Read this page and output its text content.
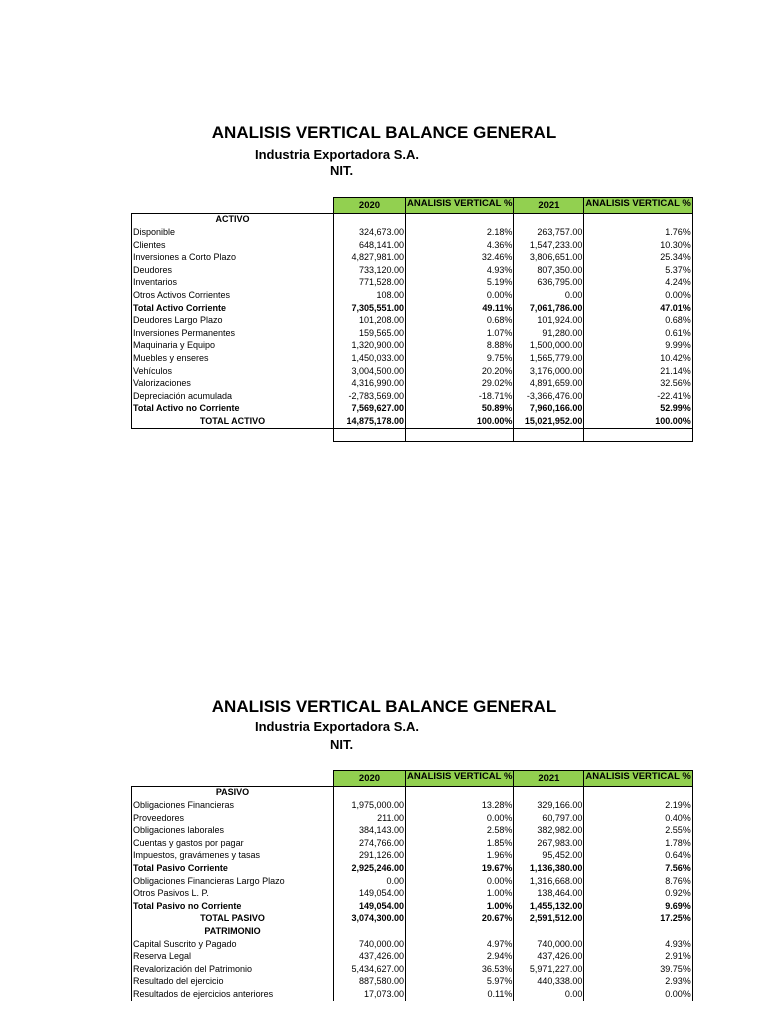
ANALISIS VERTICAL BALANCE GENERAL
Industria Exportadora S.A.
NIT.
	2020	ANALISIS VERTICAL %	2021	ANALISIS VERTICAL %
ACTIVO				
Disponible	324,673.00	2.18%	263,757.00	1.76%
Clientes	648,141.00	4.36%	1,547,233.00	10.30%
Inversiones a Corto Plazo	4,827,981.00	32.46%	3,806,651.00	25.34%
Deudores	733,120.00	4.93%	807,350.00	5.37%
Inventarios	771,528.00	5.19%	636,795.00	4.24%
Otros Activos Corrientes	108.00	0.00%	0.00	0.00%
Total Activo Corriente	7,305,551.00	49.11%	7,061,786.00	47.01%
Deudores Largo Plazo	101,208.00	0.68%	101,924.00	0.68%
Inversiones Permanentes	159,565.00	1.07%	91,280.00	0.61%
Maquinaria y Equipo	1,320,900.00	8.88%	1,500,000.00	9.99%
Muebles y enseres	1,450,033.00	9.75%	1,565,779.00	10.42%
Vehículos	3,004,500.00	20.20%	3,176,000.00	21.14%
Valorizaciones	4,316,990.00	29.02%	4,891,659.00	32.56%
Depreciación acumulada	-2,783,569.00	-18.71%	-3,366,476.00	-22.41%
Total Activo no Corriente	7,569,627.00	50.89%	7,960,166.00	52.99%
TOTAL ACTIVO	14,875,178.00	100.00%	15,021,952.00	100.00%

ANALISIS VERTICAL BALANCE GENERAL
Industria Exportadora S.A.
NIT.
	2020	ANALISIS VERTICAL %	2021	ANALISIS VERTICAL %
PASIVO				
Obligaciones Financieras	1,975,000.00	13.28%	329,166.00	2.19%
Proveedores	211.00	0.00%	60,797.00	0.40%
Obligaciones laborales	384,143.00	2.58%	382,982.00	2.55%
Cuentas y gastos por pagar	274,766.00	1.85%	267,983.00	1.78%
Impuestos, gravámenes y tasas	291,126.00	1.96%	95,452.00	0.64%
Total Pasivo Corriente	2,925,246.00	19.67%	1,136,380.00	7.56%
Obligaciones Financieras Largo Plazo	0.00	0.00%	1,316,668.00	8.76%
Otros Pasivos L. P.	149,054.00	1.00%	138,464.00	0.92%
Total Pasivo no Corriente	149,054.00	1.00%	1,455,132.00	9.69%
TOTAL PASIVO	3,074,300.00	20.67%	2,591,512.00	17.25%
PATRIMONIO				
Capital Suscrito y Pagado	740,000.00	4.97%	740,000.00	4.93%
Reserva Legal	437,426.00	2.94%	437,426.00	2.91%
Revalorización del Patrimonio	5,434,627.00	36.53%	5,971,227.00	39.75%
Resultado del ejercicio	887,580.00	5.97%	440,338.00	2.93%
Resultados de ejercicios anteriores	17,073.00	0.11%	0.00	0.00%
